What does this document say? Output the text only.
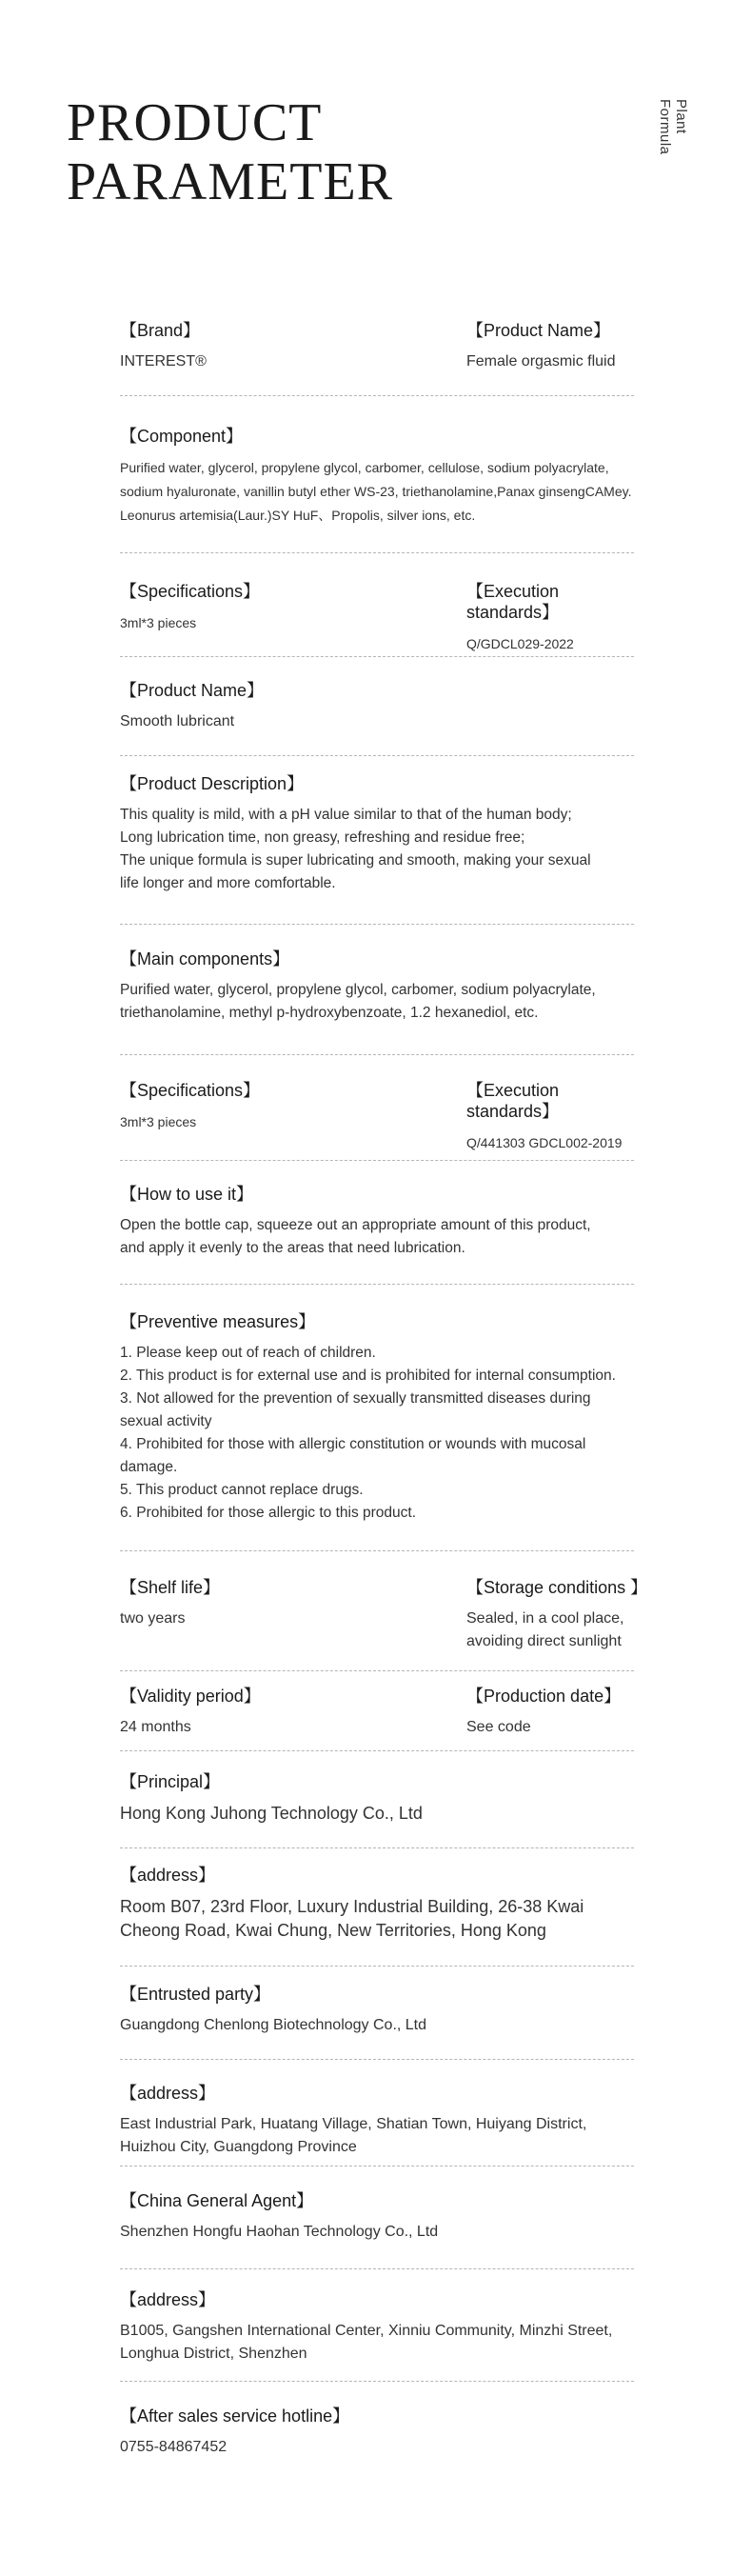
PRODUCT
PARAMETER
Plant
Formula
【Brand】
INTEREST®
【Product Name】
Female orgasmic fluid
【Component】
Purified water, glycerol, propylene glycol, carbomer, cellulose, sodium polyacrylate,
sodium hyaluronate, vanillin butyl ether WS-23, triethanolamine,Panax ginsengCAMey.
Leonurus artemisia(Laur.)SY HuF、Propolis, silver ions, etc.
【Specifications】
3ml*3 pieces
【Execution standards】
Q/GDCL029-2022
【Product Name】
Smooth lubricant
【Product Description】
This quality is mild, with a pH value similar to that of the human body;
Long lubrication time, non greasy, refreshing and residue free;
The unique formula is super lubricating and smooth, making your sexual
life longer and more comfortable.
【Main components】
Purified water, glycerol, propylene glycol, carbomer, sodium polyacrylate,
triethanolamine, methyl p-hydroxybenzoate, 1.2 hexanediol, etc.
【Specifications】
3ml*3 pieces
【Execution standards】
Q/441303 GDCL002-2019
【How to use it】
Open the bottle cap, squeeze out an appropriate amount of this product,
and apply it evenly to the areas that need lubrication.
【Preventive measures】
1. Please keep out of reach of children.
2. This product is for external use and is prohibited for internal consumption.
3. Not allowed for the prevention of sexually transmitted diseases during
sexual activity
4. Prohibited for those with allergic constitution or wounds with mucosal
damage.
5. This product cannot replace drugs.
6. Prohibited for those allergic to this product.
【Shelf life】
two years
【Storage conditions 】
Sealed, in a cool place,
avoiding direct sunlight
【Validity period】
24 months
【Production date】
See code
【Principal】
Hong Kong Juhong Technology Co., Ltd
【address】
Room B07, 23rd Floor, Luxury Industrial Building, 26-38 Kwai
Cheong Road, Kwai Chung, New Territories, Hong Kong
【Entrusted party】
Guangdong Chenlong Biotechnology Co., Ltd
【address】
East Industrial Park, Huatang Village, Shatian Town, Huiyang District,
Huizhou City, Guangdong Province
【China General Agent】
Shenzhen Hongfu Haohan Technology Co., Ltd
【address】
B1005, Gangshen International Center, Xinniu Community, Minzhi Street,
Longhua District, Shenzhen
【After sales service hotline】
0755-84867452
